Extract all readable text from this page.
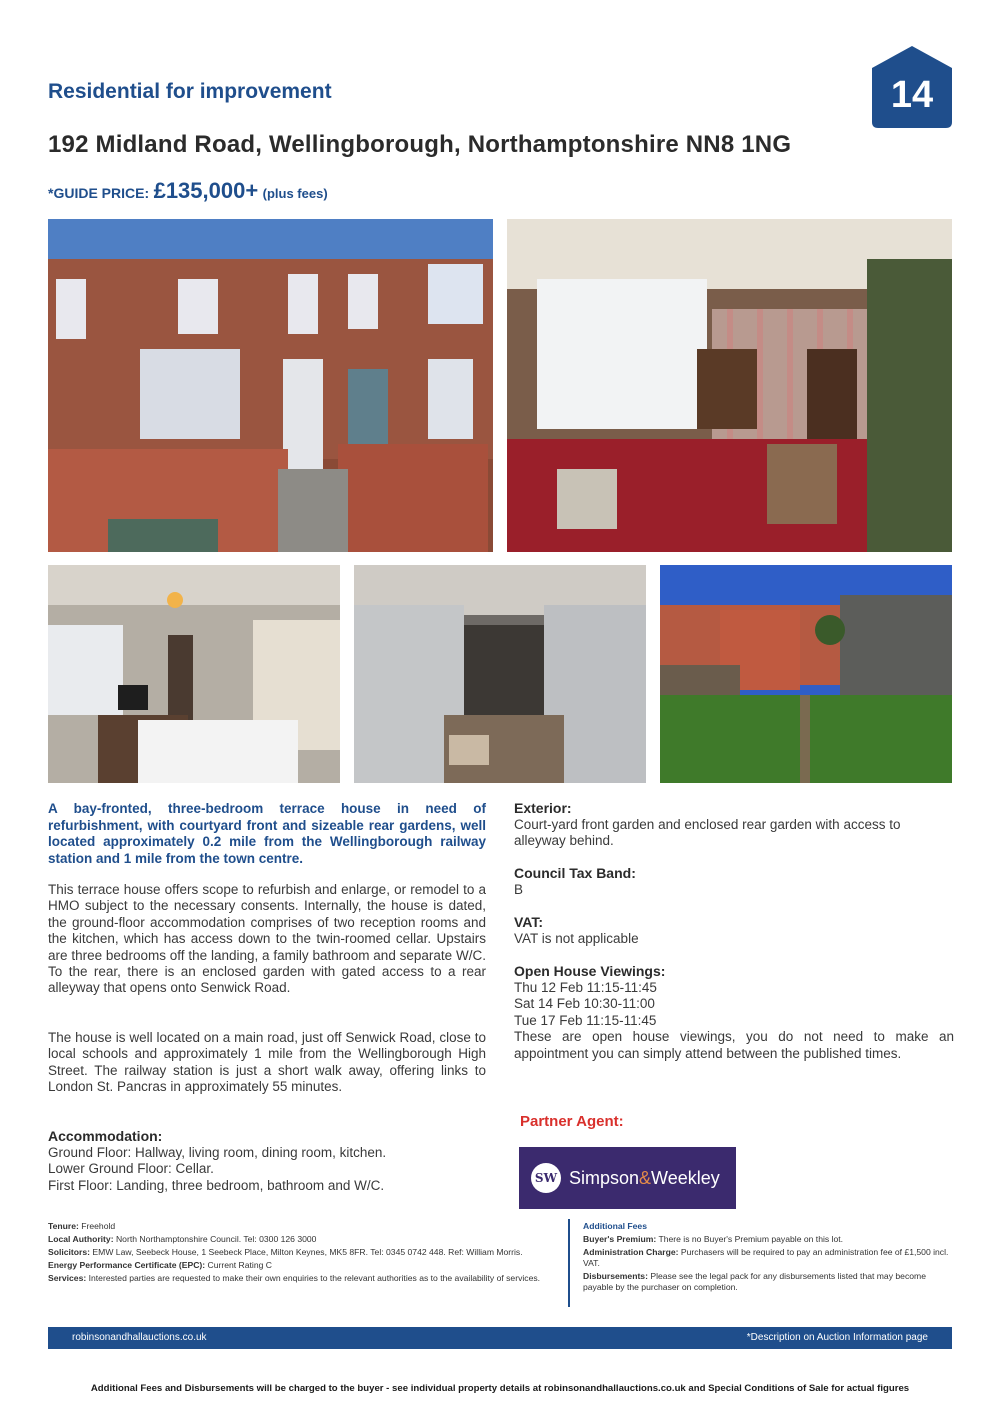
Residential for improvement	14
192 Midland Road, Wellingborough, Northamptonshire NN8 1NG
*GUIDE PRICE: £135,000+ (plus fees)
A bay-fronted, three-bedroom terrace house in need of refurbishment, with courtyard front and sizeable rear gardens, well located approximately 0.2 mile from the Wellingborough railway station and 1 mile from the town centre.
This terrace house offers scope to refurbish and enlarge, or remodel to a HMO subject to the necessary consents. Internally, the house is dated, the ground-floor accommodation comprises of two reception rooms and the kitchen, which has access down to the twin-roomed cellar. Upstairs are three bedrooms off the landing, a family bathroom and separate W/C. To the rear, there is an enclosed garden with gated access to a rear alleyway that opens onto Senwick Road.
The house is well located on a main road, just off Senwick Road, close to local schools and approximately 1 mile from the Wellingborough High Street. The railway station is just a short walk away, offering links to London St. Pancras in approximately 55 minutes.
Accommodation:
Ground Floor: Hallway, living room, dining room, kitchen.
Lower Ground Floor: Cellar.
First Floor: Landing, three bedroom, bathroom and W/C.
Exterior:
Court-yard front garden and enclosed rear garden with access to alleyway behind.
Council Tax Band:
B
VAT:
VAT is not applicable
Open House Viewings:
Thu 12 Feb 11:15-11:45
Sat 14 Feb 10:30-11:00
Tue 17 Feb 11:15-11:45
These are open house viewings, you do not need to make an appointment you can simply attend between the published times.
Partner Agent:
SW Simpson&Weekley

Tenure: Freehold

Local Authority: North Northamptonshire Council. Tel: 0300 126 3000

Solicitors: EMW Law, Seebeck House, 1 Seebeck Place, Milton Keynes, MK5 8FR. Tel: 0345 0742 448. Ref: William Morris.

Energy Performance Certificate (EPC): Current Rating C

Services: Interested parties are requested to make their own enquiries to the relevant authorities as to the availability of services.

Additional Fees

Buyer's Premium: There is no Buyer's Premium payable on this lot.

Administration Charge: Purchasers will be required to pay an administration fee of £1,500 incl. VAT.

Disbursements: Please see the legal pack for any disbursements listed that may become payable by the purchaser on completion.

robinsonandhallauctions.co.uk	*Description on Auction Information page
Additional Fees and Disbursements will be charged to the buyer - see individual property details at robinsonandhallauctions.co.uk and Special Conditions of Sale for actual figures
